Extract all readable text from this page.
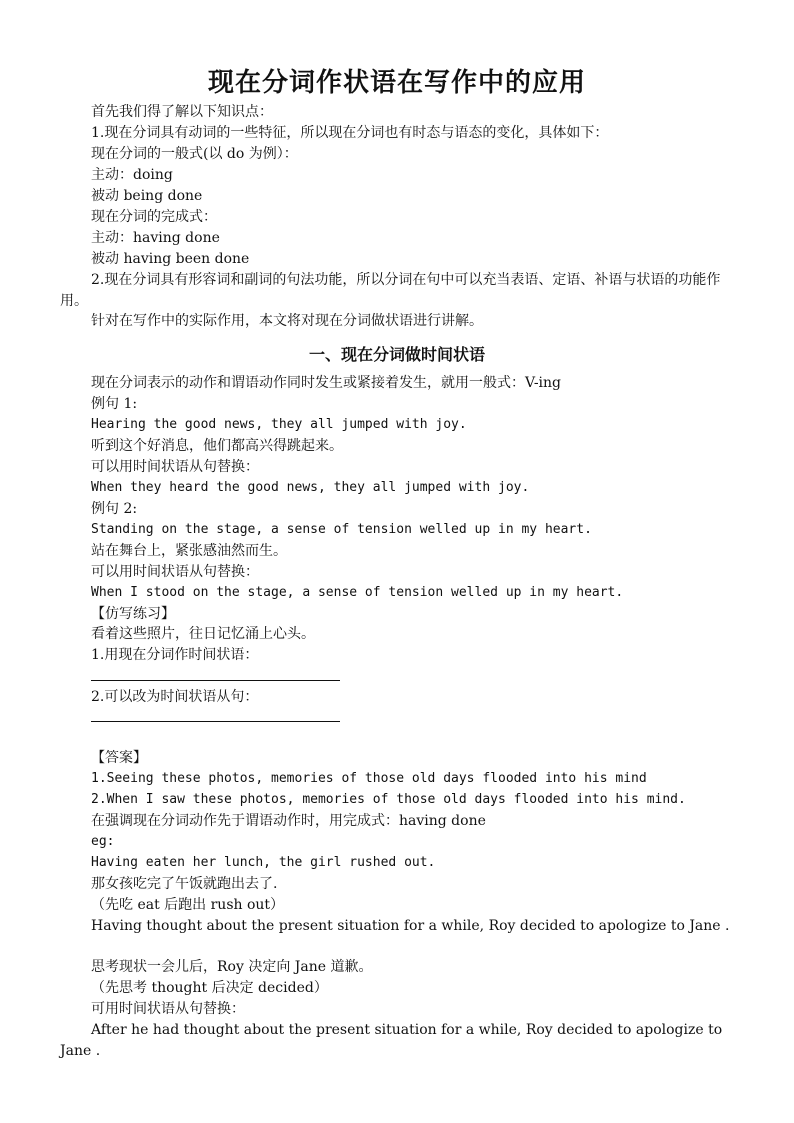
现在分词作状语在写作中的应用
首先我们得了解以下知识点：
1.现在分词具有动词的一些特征，所以现在分词也有时态与语态的变化，具体如下：
现在分词的一般式(以 do 为例）：
主动：doing
被动 being done
现在分词的完成式：
主动：having done
被动 having been done
2.现在分词具有形容词和副词的句法功能，所以分词在句中可以充当表语、定语、补语与状语的功能作用。
针对在写作中的实际作用，本文将对现在分词做状语进行讲解。
一、现在分词做时间状语
现在分词表示的动作和谓语动作同时发生或紧接着发生，就用一般式：V-ing
例句 1:
Hearing the good news, they all jumped with joy.
听到这个好消息，他们都高兴得跳起来。
可以用时间状语从句替换：
When they heard the good news, they all jumped with joy.
例句 2:
Standing on the stage, a sense of tension welled up in my heart.
站在舞台上，紧张感油然而生。
可以用时间状语从句替换：
When I stood on the stage, a sense of tension welled up in my heart.
【仿写练习】
看着这些照片，往日记忆涌上心头。
1.用现在分词作时间状语：
2.可以改为时间状语从句：
【答案】
1.Seeing these photos, memories of those old days flooded into his mind
2.When I saw these photos, memories of those old days flooded into his mind.
在强调现在分词动作先于谓语动作时，用完成式：having done
eg:
Having eaten her lunch, the girl rushed out.
那女孩吃完了午饭就跑出去了.
（先吃 eat 后跑出 rush out）
Having thought about the present situation for a while, Roy decided to apologize to Jane .
思考现状一会儿后，Roy 决定向 Jane 道歉。
（先思考 thought 后决定 decided）
可用时间状语从句替换：
After he had thought about the present situation for a while, Roy decided to apologize to Jane .
